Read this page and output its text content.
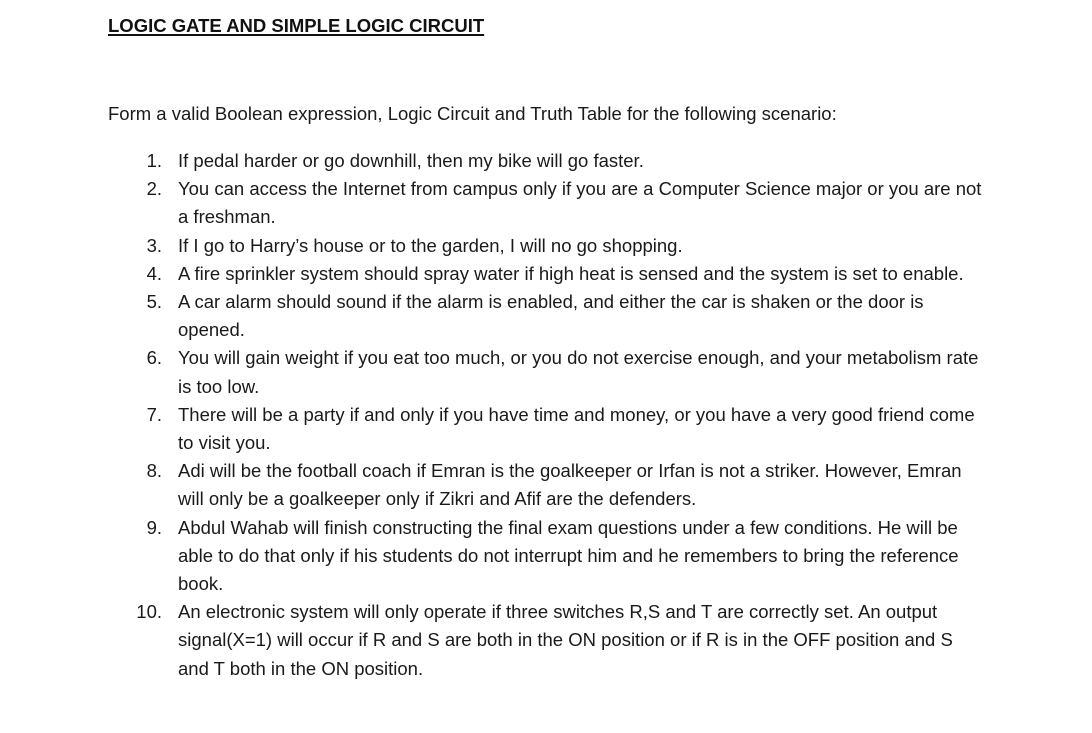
LOGIC GATE AND SIMPLE LOGIC CIRCUIT

Form a valid Boolean expression, Logic Circuit and Truth Table for the following scenario:

1. If pedal harder or go downhill, then my bike will go faster.
2. You can access the Internet from campus only if you are a Computer Science major or you are not a freshman.
3. If I go to Harry’s house or to the garden, I will no go shopping.
4. A fire sprinkler system should spray water if high heat is sensed and the system is set to enable.
5. A car alarm should sound if the alarm is enabled, and either the car is shaken or the door is opened.
6. You will gain weight if you eat too much, or you do not exercise enough, and your metabolism rate is too low.
7. There will be a party if and only if you have time and money, or you have a very good friend come to visit you.
8. Adi will be the football coach if Emran is the goalkeeper or Irfan is not a striker. However, Emran will only be a goalkeeper only if Zikri and Afif are the defenders.
9. Abdul Wahab will finish constructing the final exam questions under a few conditions. He will be able to do that only if his students do not interrupt him and he remembers to bring the reference book.
10. An electronic system will only operate if three switches R,S and T are correctly set. An output signal(X=1) will occur if R and S are both in the ON position or if R is in the OFF position and S and T both in the ON position.
